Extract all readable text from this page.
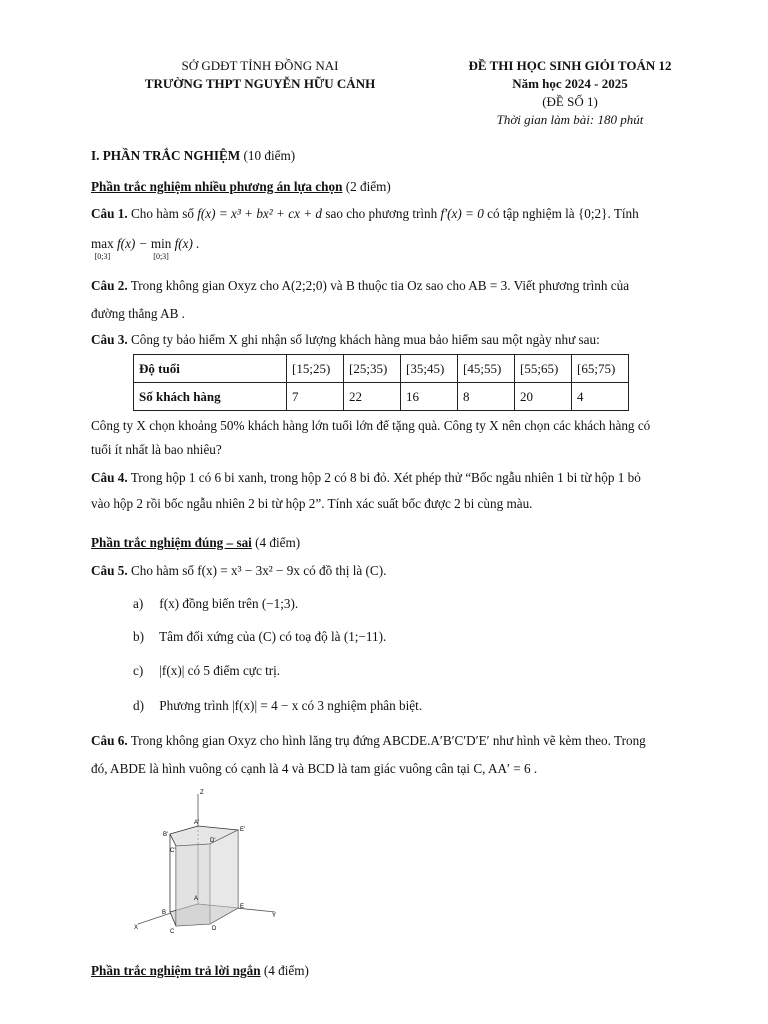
SỞ GDĐT TỈNH ĐỒNG NAI
TRƯỜNG THPT NGUYỄN HỮU CẢNH
ĐỀ THI HỌC SINH GIỎI TOÁN 12
Năm học 2024 - 2025
(ĐỀ SỐ 1)
Thời gian làm bài: 180 phút
I. PHẦN TRẮC NGHIỆM (10 điểm)
Phần trắc nghiệm nhiều phương án lựa chọn (2 điểm)
Câu 1. Cho hàm số f(x) = x³ + bx² + cx + d sao cho phương trình f′(x) = 0 có tập nghiệm là {0;2}. Tính
max
[0;3]
f(x) − min
[0;3]
f(x) .
Câu 2. Trong không gian Oxyz cho A(2;2;0) và B thuộc tia Oz sao cho AB = 3. Viết phương trình của
đường thẳng AB .
Câu 3. Công ty bảo hiểm X ghi nhận số lượng khách hàng mua bảo hiểm sau một ngày như sau:
Độ tuổi	[15;25)	[25;35)	[35;45)	[45;55)	[55;65)	[65;75)
Số khách hàng	7	22	16	8	20	4
Công ty X chọn khoảng 50% khách hàng lớn tuổi lớn để tặng quà. Công ty X nên chọn các khách hàng có
tuổi ít nhất là bao nhiêu?
Câu 4. Trong hộp 1 có 6 bi xanh, trong hộp 2 có 8 bi đỏ. Xét phép thử “Bốc ngẫu nhiên 1 bi từ hộp 1 bỏ
vào hộp 2 rồi bốc ngẫu nhiên 2 bi từ hộp 2”. Tính xác suất bốc được 2 bi cùng màu.
Phần trắc nghiệm đúng – sai (4 điểm)
Câu 5. Cho hàm số f(x) = x³ − 3x² − 9x có đồ thị là (C).
a) f(x) đồng biến trên (−1;3).
b) Tâm đối xứng của (C) có toạ độ là (1;−11).
c) |f(x)| có 5 điểm cực trị.
d) Phương trình |f(x)| = 4 − x có 3 nghiệm phân biệt.
Câu 6. Trong không gian Oxyz cho hình lăng trụ đứng ABCDE.A′B′C′D′E′ như hình vẽ kèm theo. Trong
đó, ABDE là hình vuông có cạnh là 4 và BCD là tam giác vuông cân tại C, AA′ = 6 .
Z
A'
B'
C'
D'
E'
A
B
C	D
E
X
Y
Phần trắc nghiệm trả lời ngắn (4 điểm)
